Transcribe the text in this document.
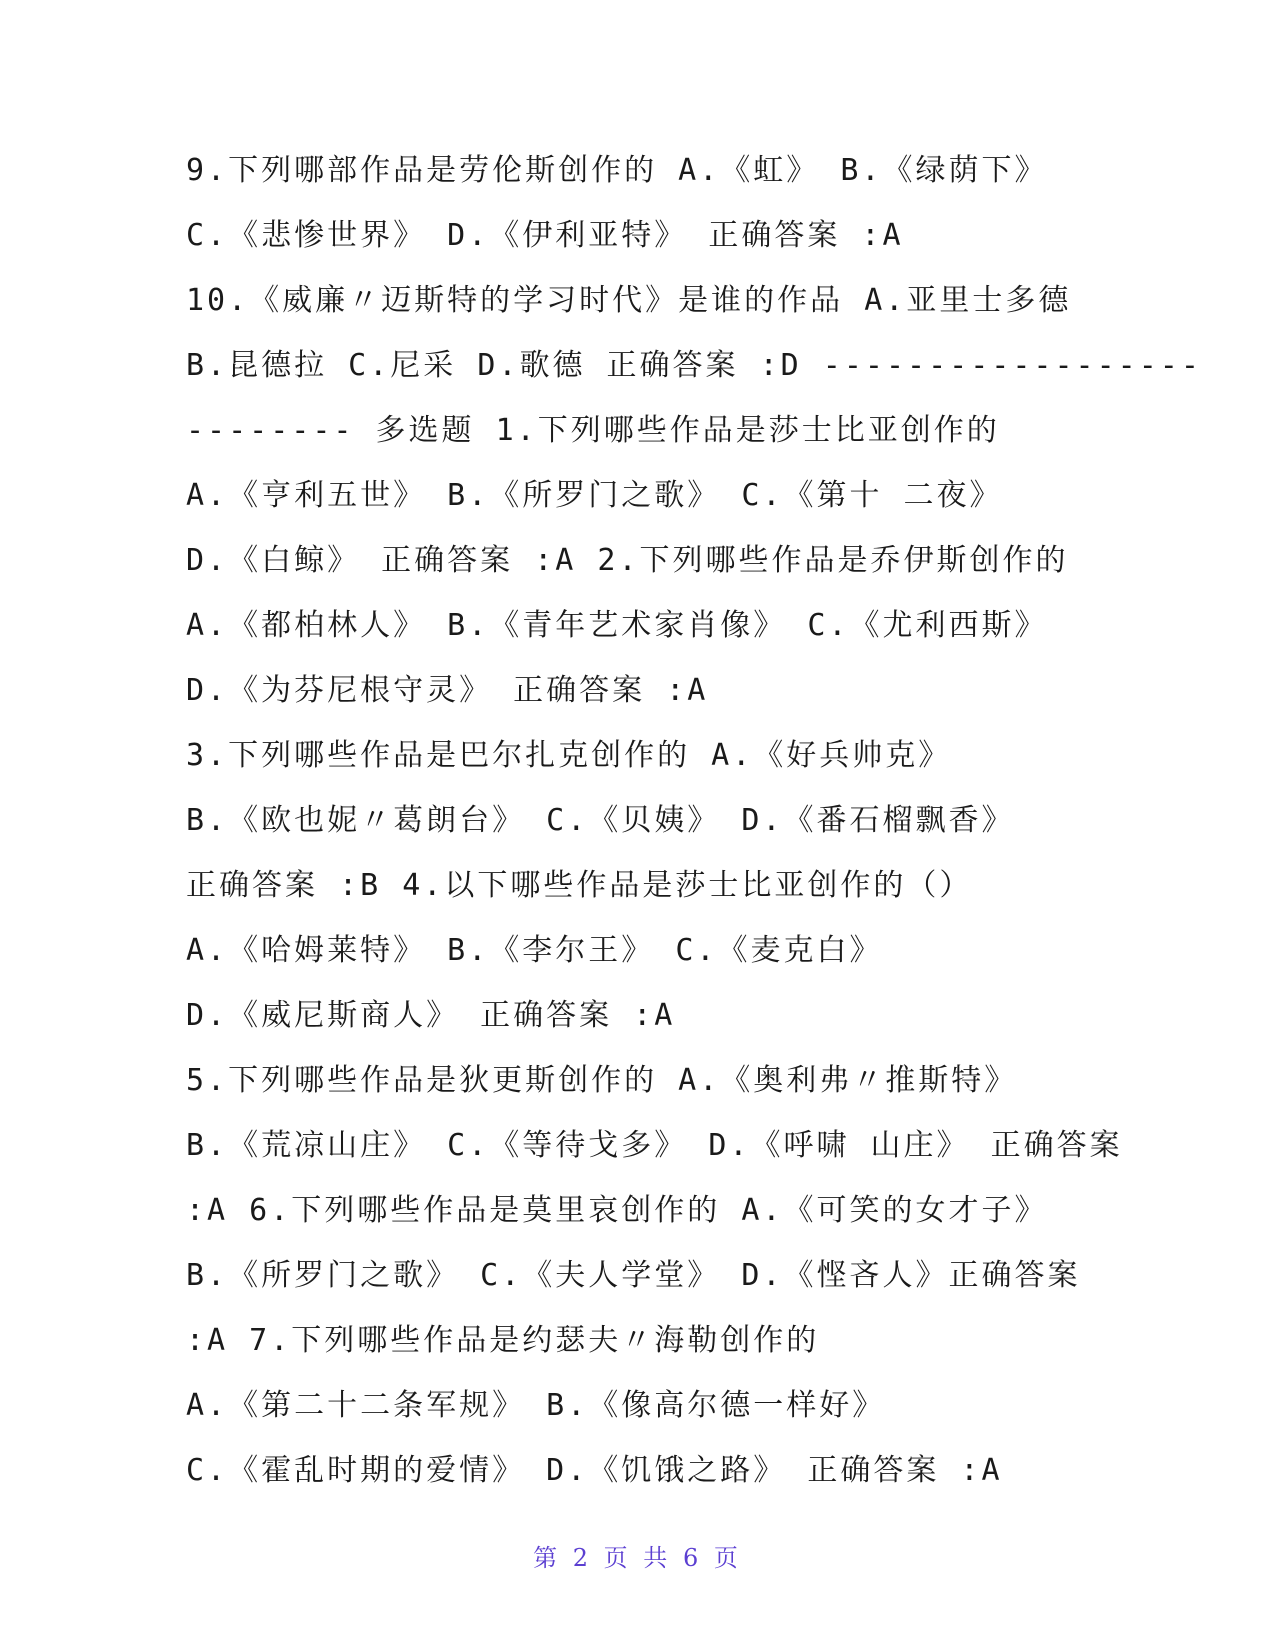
9.下列哪部作品是劳伦斯创作的 A.《虹》 B.《绿荫下》
C.《悲惨世界》 D.《伊利亚特》 正确答案 :A
10.《威廉〃迈斯特的学习时代》是谁的作品 A.亚里士多德
B.昆德拉 C.尼采 D.歌德 正确答案 :D ------------------
-------- 多选题 1.下列哪些作品是莎士比亚创作的
A.《亨利五世》 B.《所罗门之歌》 C.《第十 二夜》
D.《白鲸》 正确答案 :A 2.下列哪些作品是乔伊斯创作的
A.《都柏林人》 B.《青年艺术家肖像》 C.《尤利西斯》
D.《为芬尼根守灵》 正确答案 :A
3.下列哪些作品是巴尔扎克创作的 A.《好兵帅克》
B.《欧也妮〃葛朗台》 C.《贝姨》 D.《番石榴飘香》
正确答案 :B 4.以下哪些作品是莎士比亚创作的（）
A.《哈姆莱特》 B.《李尔王》 C.《麦克白》
D.《威尼斯商人》 正确答案 :A
5.下列哪些作品是狄更斯创作的 A.《奥利弗〃推斯特》
B.《荒凉山庄》 C.《等待戈多》 D.《呼啸 山庄》 正确答案
:A 6.下列哪些作品是莫里哀创作的 A.《可笑的女才子》
B.《所罗门之歌》 C.《夫人学堂》 D.《悭吝人》正确答案
:A 7.下列哪些作品是约瑟夫〃海勒创作的
A.《第二十二条军规》 B.《像高尔德一样好》
C.《霍乱时期的爱情》 D.《饥饿之路》 正确答案 :A
第 2 页 共 6 页
